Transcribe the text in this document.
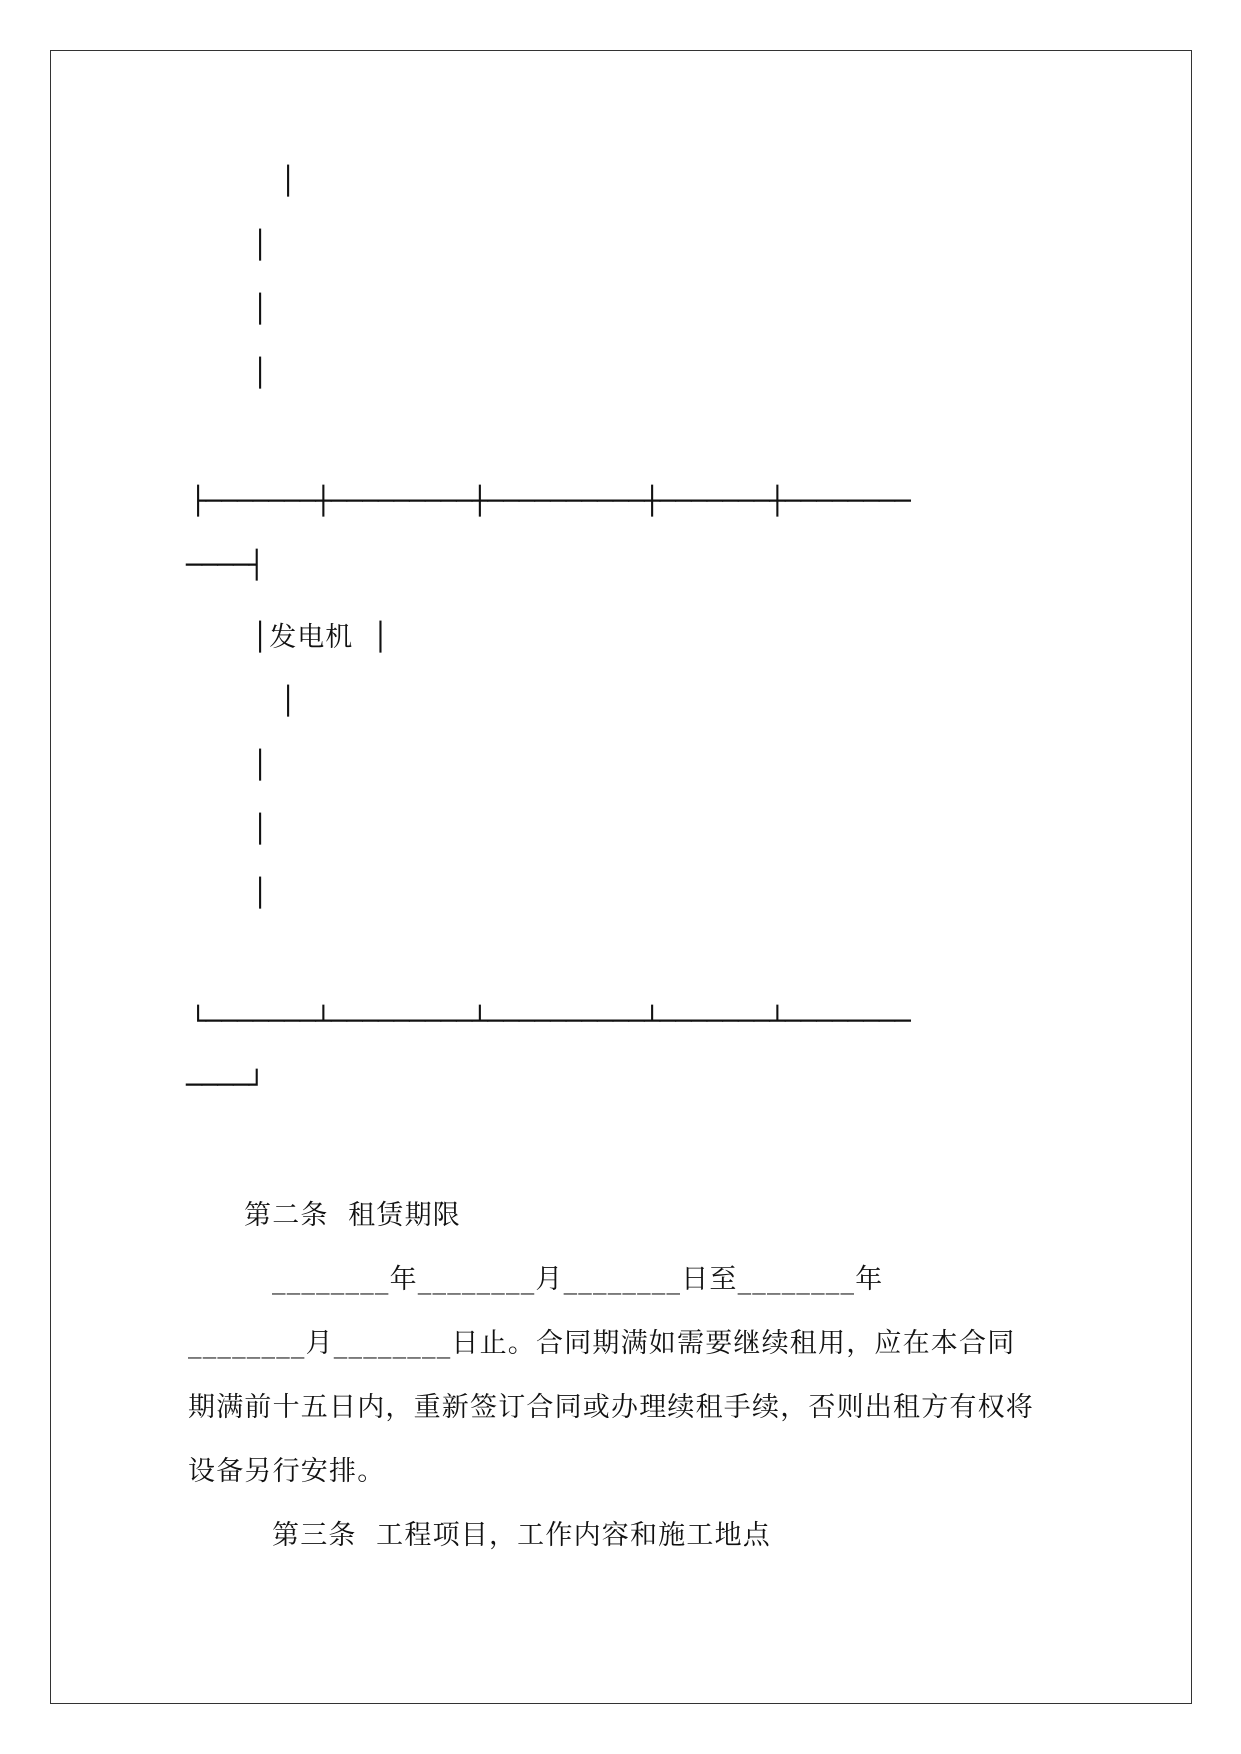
│
│
│
│
├───────┼─────────┼──────────┼───────┼────────
────┤
│发电机  │
│
│
│
│
└───────┴─────────┴──────────┴───────┴────────
────┘
第二条  租赁期限
________年________月________日至________年
________月________日止。合同期满如需要继续租用，应在本合同
期满前十五日内，重新签订合同或办理续租手续，否则出租方有权将
设备另行安排。
第三条  工程项目，工作内容和施工地点
